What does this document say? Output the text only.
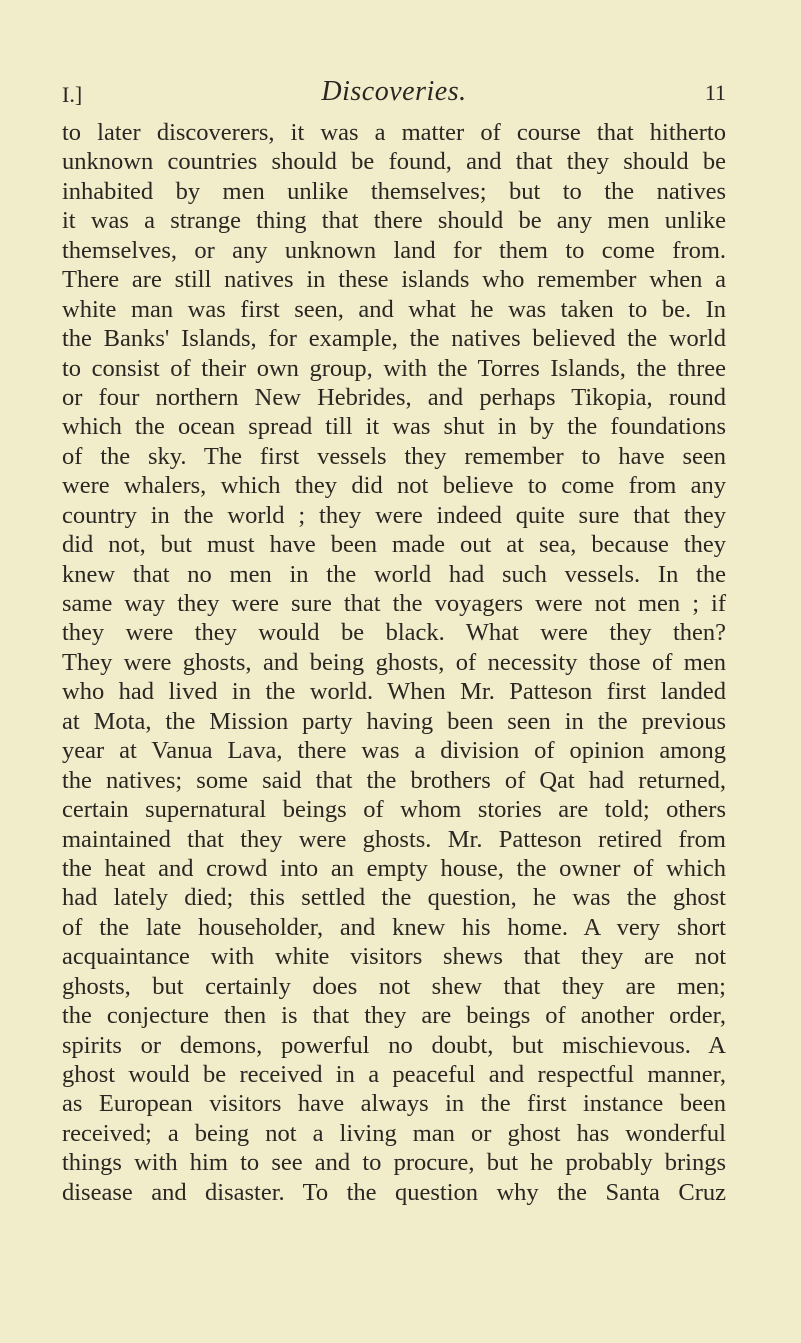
I.]	Discoveries.	11
to later discoverers, it was a matter of course that hitherto
unknown countries should be found, and that they should be
inhabited by men unlike themselves; but to the natives
it was a strange thing that there should be any men unlike
themselves, or any unknown land for them to come from.
There are still natives in these islands who remember when a
white man was first seen, and what he was taken to be. In
the Banks' Islands, for example, the natives believed the world
to consist of their own group, with the Torres Islands, the three
or four northern New Hebrides, and perhaps Tikopia, round
which the ocean spread till it was shut in by the foundations
of the sky. The first vessels they remember to have seen
were whalers, which they did not believe to come from any
country in the world ; they were indeed quite sure that they
did not, but must have been made out at sea, because they
knew that no men in the world had such vessels. In the
same way they were sure that the voyagers were not men ; if
they were they would be black. What were they then?
They were ghosts, and being ghosts, of necessity those of men
who had lived in the world. When Mr. Patteson first landed
at Mota, the Mission party having been seen in the previous
year at Vanua Lava, there was a division of opinion among
the natives; some said that the brothers of Qat had returned,
certain supernatural beings of whom stories are told; others
maintained that they were ghosts. Mr. Patteson retired from
the heat and crowd into an empty house, the owner of which
had lately died; this settled the question, he was the ghost
of the late householder, and knew his home. A very short
acquaintance with white visitors shews that they are not
ghosts, but certainly does not shew that they are men;
the conjecture then is that they are beings of another order,
spirits or demons, powerful no doubt, but mischievous. A
ghost would be received in a peaceful and respectful manner,
as European visitors have always in the first instance been
received; a being not a living man or ghost has wonderful
things with him to see and to procure, but he probably brings
disease and disaster. To the question why the Santa Cruz
